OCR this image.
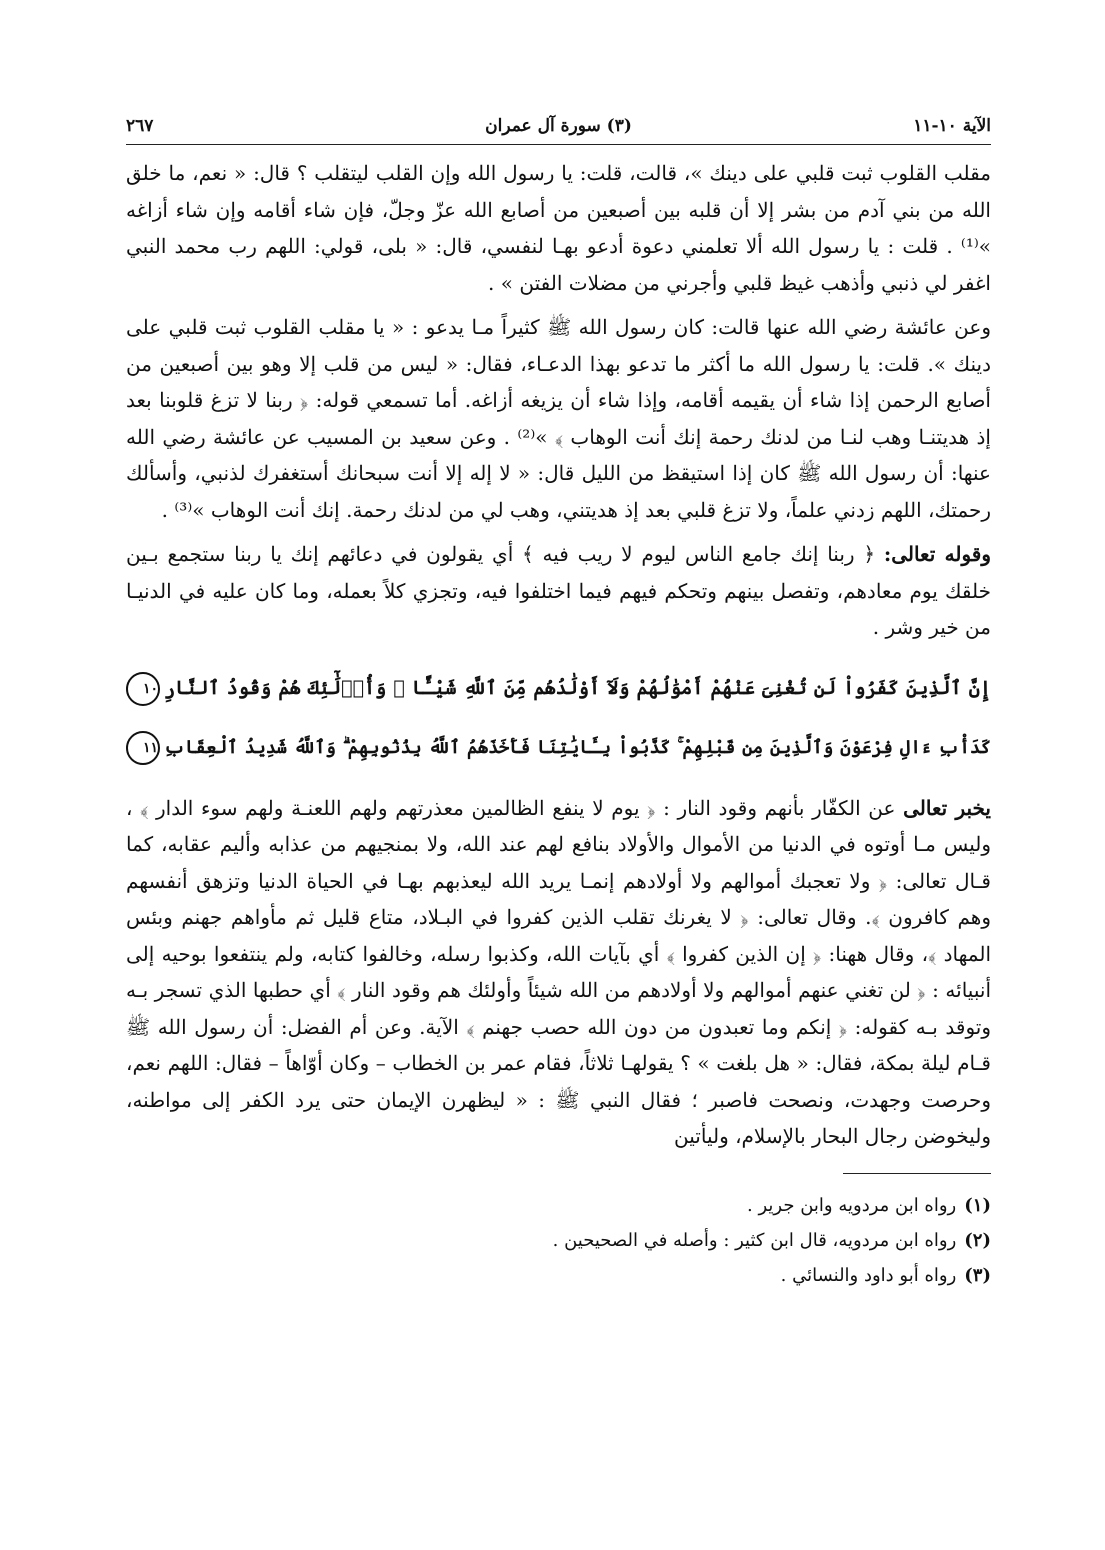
الآية ١٠-١١
(٣) سورة آل عمران
٢٦٧

مقلب القلوب ثبت قلبي على دينك »، قالت، قلت: يا رسول الله وإن القلب ليتقلب ؟ قال: « نعم، ما خلق الله من بني آدم من بشر إلا أن قلبه بين أصبعين من أصابع الله عزّ وجلّ، فإن شاء أقامه وإن شاء أزاغه »⁽¹⁾ . قلت : يا رسول الله ألا تعلمني دعوة أدعو بهـا لنفسي، قال: « بلى، قولي: اللهم رب محمد النبي اغفر لي ذنبي وأذهب غيظ قلبي وأجرني من مضلات الفتن » .

وعن عائشة رضي الله عنها قالت: كان رسول الله ﷺ كثيراً مـا يدعو : « يا مقلب القلوب ثبت قلبي على دينك ». قلت: يا رسول الله ما أكثر ما تدعو بهذا الدعـاء، فقال: « ليس من قلب إلا وهو بين أصبعين من أصابع الرحمن إذا شاء أن يقيمه أقامه، وإذا شاء أن يزيغه أزاغه. أما تسمعي قوله: ﴿ ربنا لا تزغ قلوبنا بعد إذ هديتنـا وهب لنـا من لدنك رحمة إنك أنت الوهاب ﴾ »⁽²⁾ . وعن سعيد بن المسيب عن عائشة رضي الله عنها: أن رسول الله ﷺ كان إذا استيقظ من الليل قال: « لا إله إلا أنت سبحانك أستغفرك لذنبي، وأسألك رحمتك، اللهم زدني علماً، ولا تزغ قلبي بعد إذ هديتني، وهب لي من لدنك رحمة. إنك أنت الوهاب »⁽³⁾ .

وقوله تعالى: ﴿ ربنا إنك جامع الناس ليوم لا ريب فيه ﴾ أي يقولون في دعائهم إنك يا ربنا ستجمع بـين خلقك يوم معادهم، وتفصل بينهم وتحكم فيهم فيما اختلفوا فيه، وتجزي كلاً بعمله، وما كان عليه في الدنيـا من خير وشر .

إِنَّ ٱلَّذِينَ كَفَرُواْ لَن تُغْنِىَ عَنْهُمْ أَمْوَٰلُهُمْ وَلَآ أَوْلَٰدُهُم مِّنَ ٱللَّهِ شَيْـًٔا ۖ وَأُو۟لَٰٓئِكَ هُمْ وَقُودُ ٱلنَّارِ١٠

كَدَأْبِ ءَالِ فِرْعَوْنَ وَٱلَّذِينَ مِن قَبْلِهِمْ ۚ كَذَّبُواْ بِـَٔايَٰتِنَا فَأَخَذَهُمُ ٱللَّهُ بِذُنُوبِهِمْ ۗ وَٱللَّهُ شَدِيدُ ٱلْعِقَابِ١١

يخبر تعالى عن الكفّار بأنهم وقود النار : ﴿ يوم لا ينفع الظالمين معذرتهم ولهم اللعنـة ولهم سوء الدار ﴾ ، وليس مـا أوتوه في الدنيا من الأموال والأولاد بنافع لهم عند الله، ولا بمنجيهم من عذابه وأليم عقابه، كما قـال تعالى: ﴿ ولا تعجبك أموالهم ولا أولادهم إنمـا يريد الله ليعذبهم بهـا في الحياة الدنيا وتزهق أنفسهم وهم كافرون ﴾. وقال تعالى: ﴿ لا يغرنك تقلب الذين كفروا في البـلاد، متاع قليل ثم مأواهم جهنم وبئس المهاد ﴾، وقال ههنا: ﴿ إن الذين كفروا ﴾ أي بآيات الله، وكذبوا رسله، وخالفوا كتابه، ولم ينتفعوا بوحيه إلى أنبيائه : ﴿ لن تغني عنهم أموالهم ولا أولادهم من الله شيئاً وأولئك هم وقود النار ﴾ أي حطبها الذي تسجر بـه وتوقد بـه كقوله: ﴿ إنكم وما تعبدون من دون الله حصب جهنم ﴾ الآية. وعن أم الفضل: أن رسول الله ﷺ قـام ليلة بمكة، فقال: « هل بلغت » ؟ يقولهـا ثلاثاً، فقام عمر بن الخطاب – وكان أوّاهاً – فقال: اللهم نعم، وحرصت وجهدت، ونصحت فاصبر ؛ فقال النبي ﷺ : « ليظهرن الإيمان حتى يرد الكفر إلى مواطنه، وليخوضن رجال البحار بالإسلام، وليأتين

(١)رواه ابن مردويه وابن جرير .

(٢)رواه ابن مردويه، قال ابن كثير : وأصله في الصحيحين .

(٣)رواه أبو داود والنسائي .
